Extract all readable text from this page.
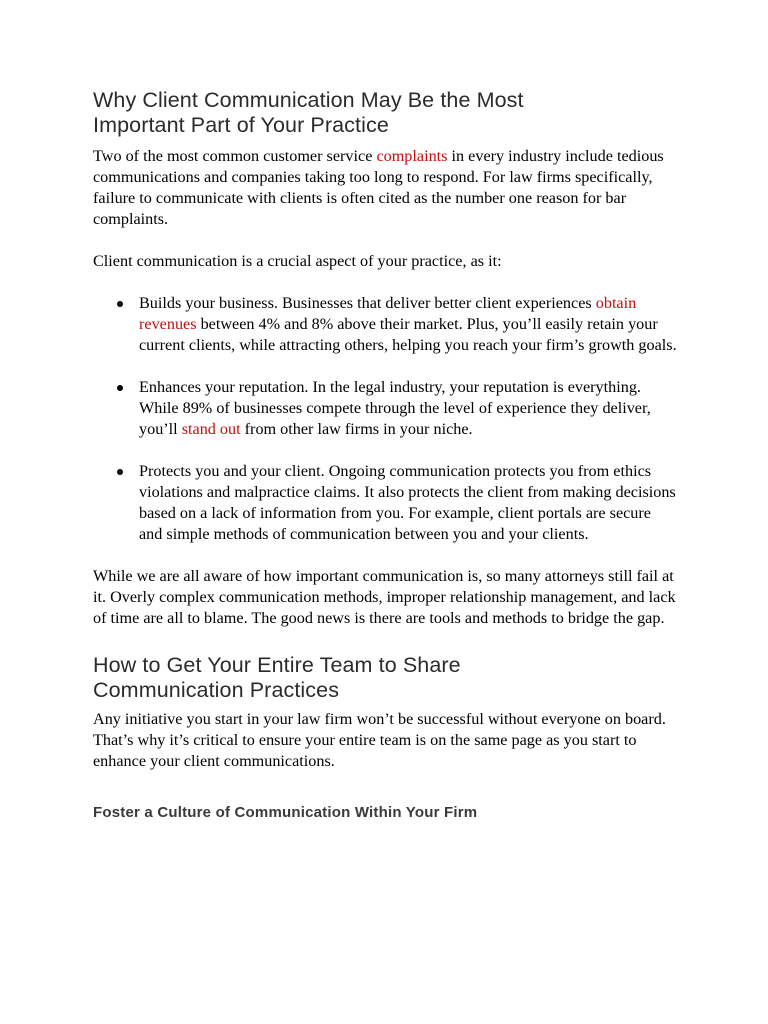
Why Client Communication May Be the Most
Important Part of Your Practice

Two of the most common customer service complaints in every industry include tedious communications and companies taking too long to respond. For law firms specifically, failure to communicate with clients is often cited as the number one reason for bar complaints.

Client communication is a crucial aspect of your practice, as it:

Builds your business. Businesses that deliver better client experiences obtain revenues between 4% and 8% above their market. Plus, you’ll easily retain your current clients, while attracting others, helping you reach your firm’s growth goals.
Enhances your reputation. In the legal industry, your reputation is everything. While 89% of businesses compete through the level of experience they deliver, you’ll stand out from other law firms in your niche.
Protects you and your client. Ongoing communication protects you from ethics violations and malpractice claims. It also protects the client from making decisions based on a lack of information from you. For example, client portals are secure and simple methods of communication between you and your clients.

While we are all aware of how important communication is, so many attorneys still fail at it. Overly complex communication methods, improper relationship management, and lack of time are all to blame. The good news is there are tools and methods to bridge the gap.

How to Get Your Entire Team to Share
Communication Practices

Any initiative you start in your law firm won’t be successful without everyone on board. That’s why it’s critical to ensure your entire team is on the same page as you start to enhance your client communications.

Foster a Culture of Communication Within Your Firm
